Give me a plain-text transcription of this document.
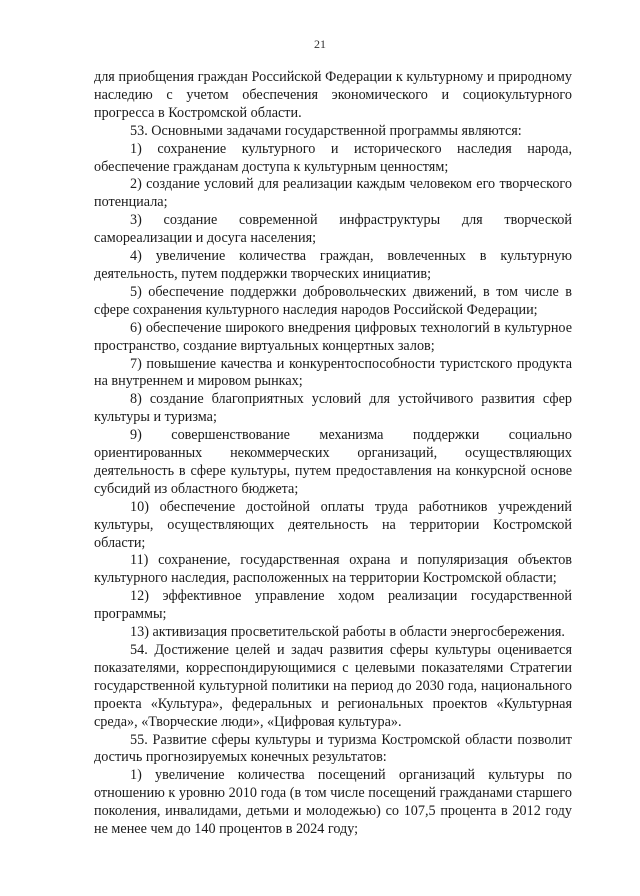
21

для приобщения граждан Российской Федерации к культурному и природному наследию с учетом обеспечения экономического и социокультурного прогресса в Костромской области.

53. Основными задачами государственной программы являются:

1) сохранение культурного и исторического наследия народа, обеспечение гражданам доступа к культурным ценностям;

2) создание условий для реализации каждым человеком его творческого потенциала;

3) создание современной инфраструктуры для творческой самореализации и досуга населения;

4) увеличение количества граждан, вовлеченных в культурную деятельность, путем поддержки творческих инициатив;

5) обеспечение поддержки добровольческих движений, в том числе в сфере сохранения культурного наследия народов Российской Федерации;

6) обеспечение широкого внедрения цифровых технологий в культурное пространство, создание виртуальных концертных залов;

7) повышение качества и конкурентоспособности туристского продукта на внутреннем и мировом рынках;

8) создание благоприятных условий для устойчивого развития сфер культуры и туризма;

9) совершенствование механизма поддержки социально ориентированных некоммерческих организаций, осуществляющих деятельность в сфере культуры, путем предоставления на конкурсной основе субсидий из областного бюджета;

10) обеспечение достойной оплаты труда работников учреждений культуры, осуществляющих деятельность на территории Костромской области;

11) сохранение, государственная охрана и популяризация объектов культурного наследия, расположенных на территории Костромской области;

12) эффективное управление ходом реализации государственной программы;

13) активизация просветительской работы в области энергосбережения.

54. Достижение целей и задач развития сферы культуры оценивается показателями, корреспондирующимися с целевыми показателями Стратегии государственной культурной политики на период до 2030 года, национального проекта «Культура», федеральных и региональных проектов «Культурная среда», «Творческие люди», «Цифровая культура».

55. Развитие сферы культуры и туризма Костромской области позволит достичь прогнозируемых конечных результатов:

1) увеличение количества посещений организаций культуры по отношению к уровню 2010 года (в том числе посещений гражданами старшего поколения, инвалидами, детьми и молодежью) со 107,5 процента в 2012 году не менее чем до 140 процентов в 2024 году;
